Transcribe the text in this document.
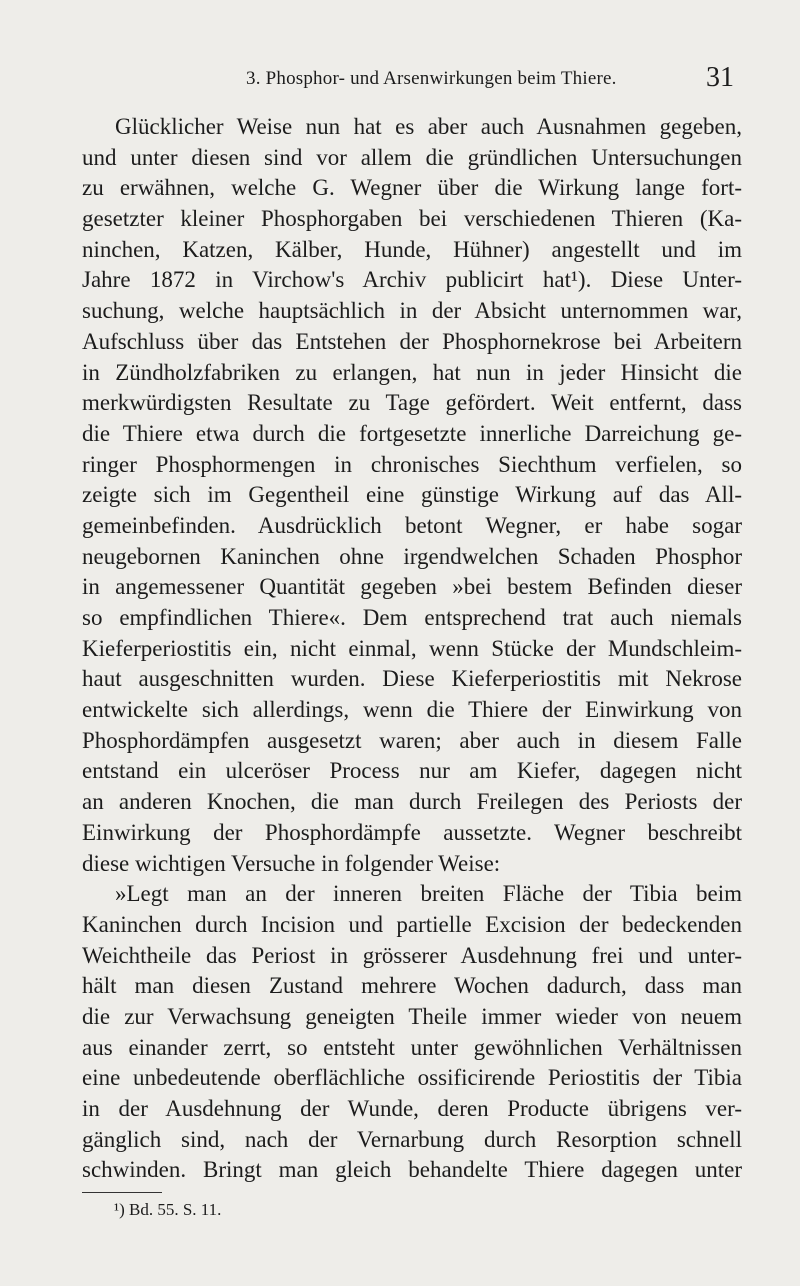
3. Phosphor- und Arsenwirkungen beim Thiere.	31
Glücklicher Weise nun hat es aber auch Ausnahmen gegeben,
und unter diesen sind vor allem die gründlichen Untersuchungen
zu erwähnen, welche G. Wegner über die Wirkung lange fort-
gesetzter kleiner Phosphorgaben bei verschiedenen Thieren (Ka-
ninchen, Katzen, Kälber, Hunde, Hühner) angestellt und im
Jahre 1872 in Virchow's Archiv publicirt hat¹). Diese Unter-
suchung, welche hauptsächlich in der Absicht unternommen war,
Aufschluss über das Entstehen der Phosphornekrose bei Arbeitern
in Zündholzfabriken zu erlangen, hat nun in jeder Hinsicht die
merkwürdigsten Resultate zu Tage gefördert. Weit entfernt, dass
die Thiere etwa durch die fortgesetzte innerliche Darreichung ge-
ringer Phosphormengen in chronisches Siechthum verfielen, so
zeigte sich im Gegentheil eine günstige Wirkung auf das All-
gemeinbefinden. Ausdrücklich betont Wegner, er habe sogar
neugebornen Kaninchen ohne irgendwelchen Schaden Phosphor
in angemessener Quantität gegeben »bei bestem Befinden dieser
so empfindlichen Thiere«. Dem entsprechend trat auch niemals
Kieferperiostitis ein, nicht einmal, wenn Stücke der Mundschleim-
haut ausgeschnitten wurden. Diese Kieferperiostitis mit Nekrose
entwickelte sich allerdings, wenn die Thiere der Einwirkung von
Phosphordämpfen ausgesetzt waren; aber auch in diesem Falle
entstand ein ulceröser Process nur am Kiefer, dagegen nicht
an anderen Knochen, die man durch Freilegen des Periosts der
Einwirkung der Phosphordämpfe aussetzte. Wegner beschreibt
diese wichtigen Versuche in folgender Weise:
»Legt man an der inneren breiten Fläche der Tibia beim
Kaninchen durch Incision und partielle Excision der bedeckenden
Weichtheile das Periost in grösserer Ausdehnung frei und unter-
hält man diesen Zustand mehrere Wochen dadurch, dass man
die zur Verwachsung geneigten Theile immer wieder von neuem
aus einander zerrt, so entsteht unter gewöhnlichen Verhältnissen
eine unbedeutende oberflächliche ossificirende Periostitis der Tibia
in der Ausdehnung der Wunde, deren Producte übrigens ver-
gänglich sind, nach der Vernarbung durch Resorption schnell
schwinden. Bringt man gleich behandelte Thiere dagegen unter
¹) Bd. 55. S. 11.
